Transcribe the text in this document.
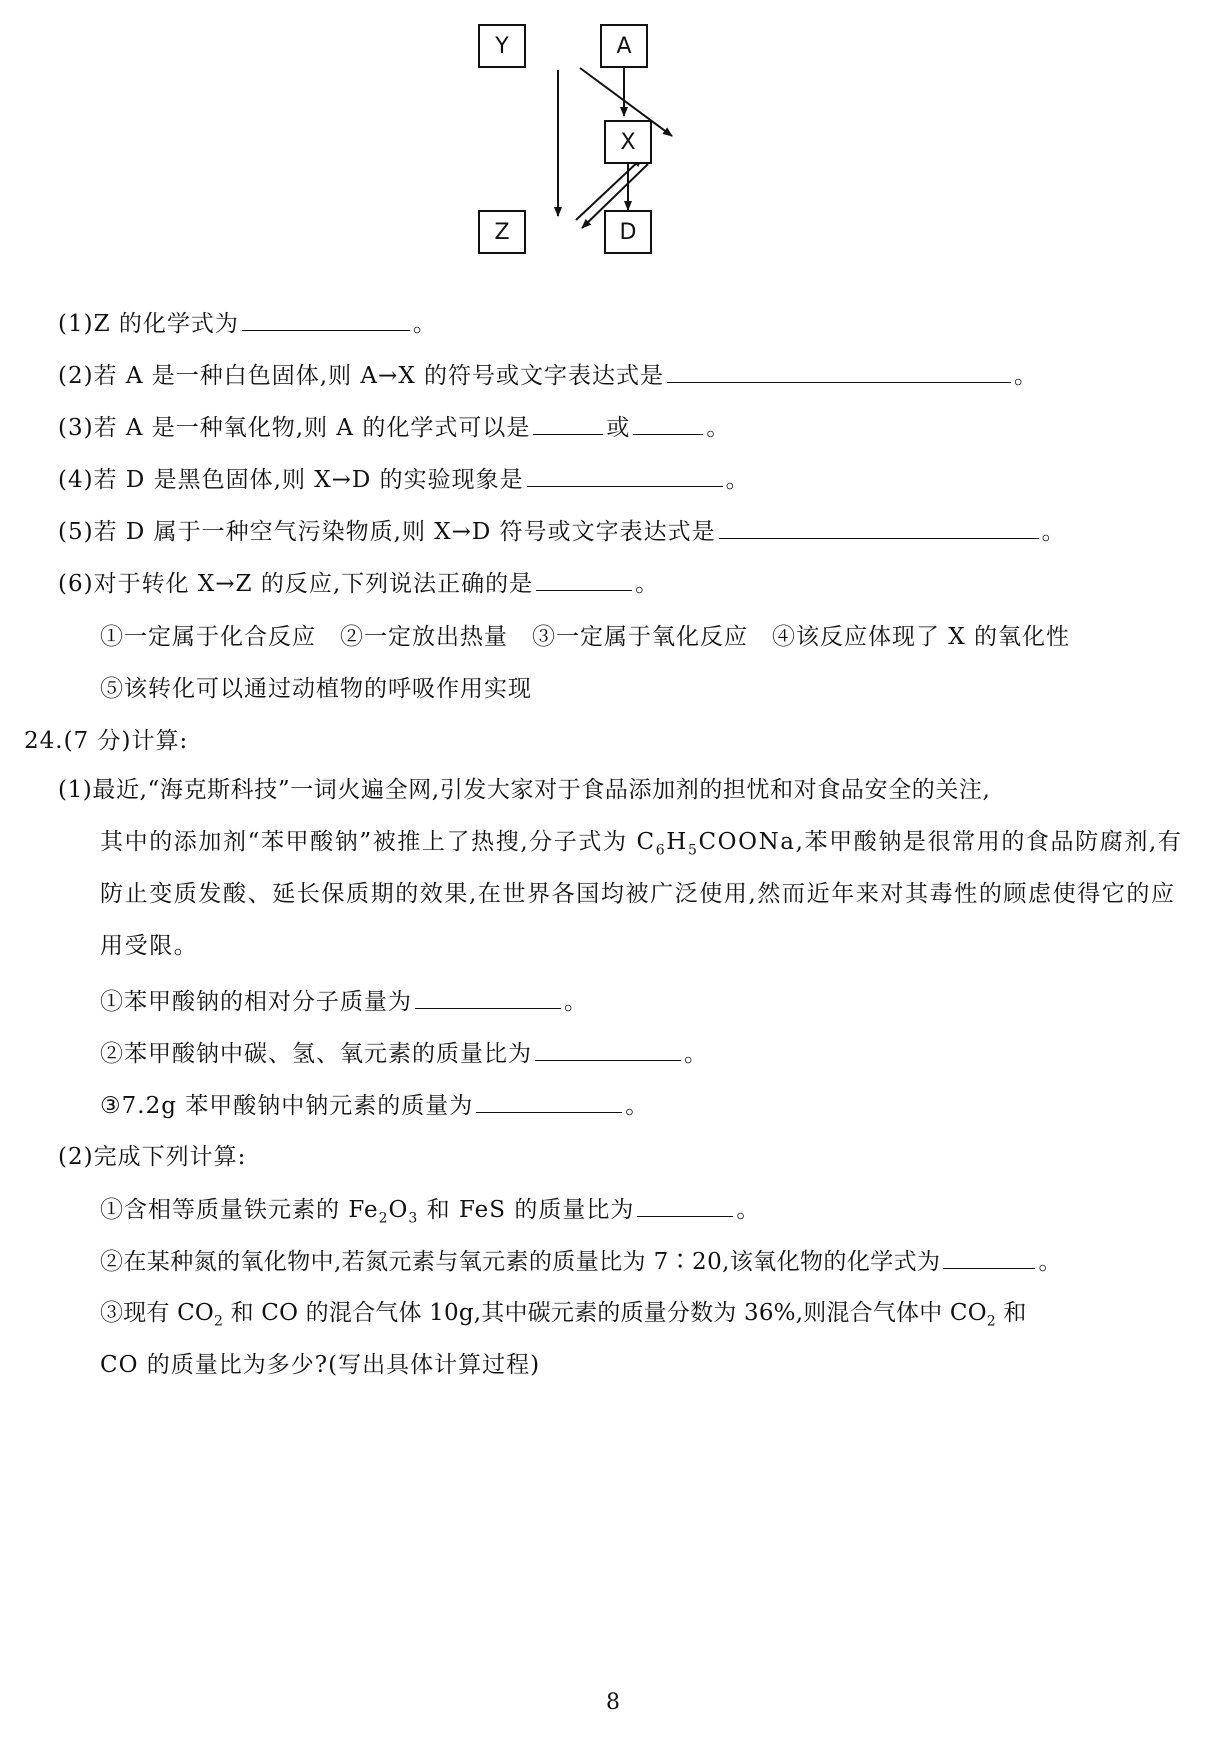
Y	A
X
Z	D
(1)Z 的化学式为	。
(2)若 A 是一种白色固体,则 A→X 的符号或文字表达式是	。
(3)若 A 是一种氧化物,则 A 的化学式可以是	或	。
(4)若 D 是黑色固体,则 X→D 的实验现象是	。
(5)若 D 属于一种空气污染物质,则 X→D 符号或文字表达式是	。
(6)对于转化 X→Z 的反应,下列说法正确的是	。
①一定属于化合反应　②一定放出热量　③一定属于氧化反应　④该反应体现了 X 的氧化性
⑤该转化可以通过动植物的呼吸作用实现
24.(7 分)计算:
(1)最近,“海克斯科技”一词火遍全网,引发大家对于食品添加剂的担忧和对食品安全的关注,
其中的添加剂“苯甲酸钠”被推上了热搜,分子式为 $C_6H_5COONa$,苯甲酸钠是很常用的食品防腐剂,有防止变质发酸、延长保质期的效果,在世界各国均被广泛使用,然而近年来对其毒性的顾虑使得它的应用受限。
①苯甲酸钠的相对分子质量为	。
②苯甲酸钠中碳、氢、氧元素的质量比为	。
③7.2g 苯甲酸钠中钠元素的质量为	。
(2)完成下列计算:
①含相等质量铁元素的 $Fe_2O_3$ 和 FeS 的质量比为	。
②在某种氮的氧化物中,若氮元素与氧元素的质量比为 7∶20,该氧化物的化学式为	。
③现有 $CO_2$ 和 CO 的混合气体 10g,其中碳元素的质量分数为 36%,则混合气体中 $CO_2$ 和
CO 的质量比为多少?(写出具体计算过程)
8
